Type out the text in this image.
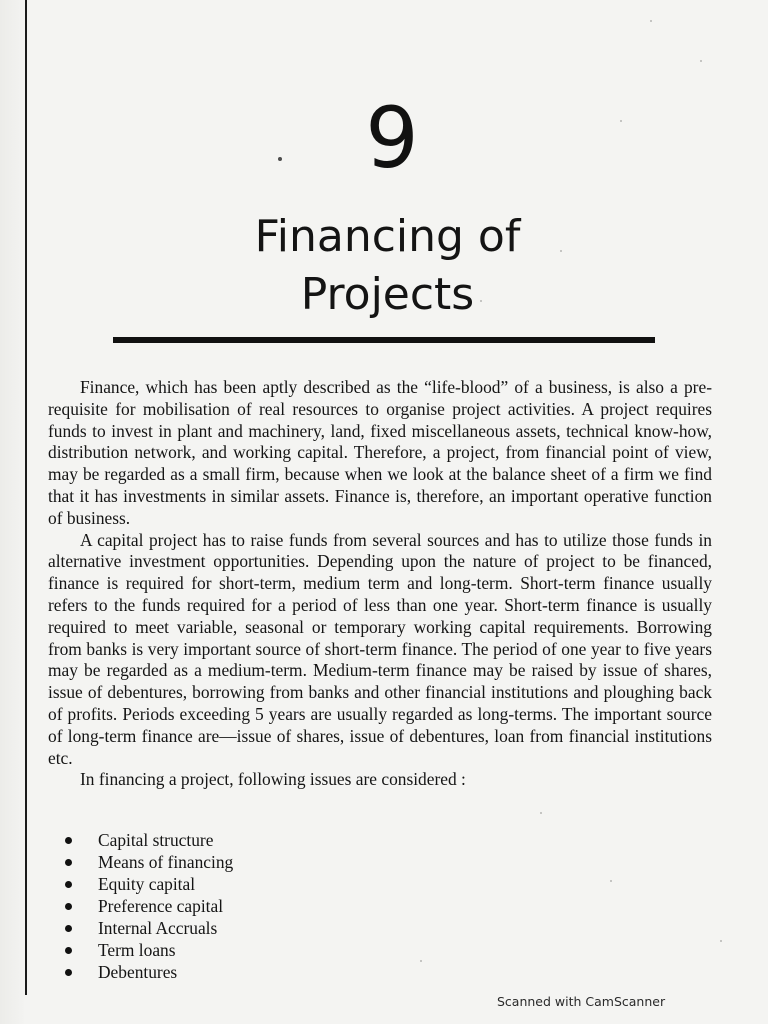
9
Financing of
Projects

Finance, which has been aptly described as the “life-blood” of a business, is also a pre-requisite for mobilisation of real resources to organise project activities. A project requires funds to invest in plant and machinery, land, fixed miscellaneous assets, technical know-how, distribution network, and working capital. Therefore, a project, from financial point of view, may be regarded as a small firm, because when we look at the balance sheet of a firm we find that it has investments in similar assets. Finance is, therefore, an important operative function of business.

A capital project has to raise funds from several sources and has to utilize those funds in alternative investment opportunities. Depending upon the nature of project to be financed, finance is required for short-term, medium term and long-term. Short-term finance usually refers to the funds required for a period of less than one year. Short-term finance is usually required to meet variable, seasonal or temporary working capital requirements. Borrowing from banks is very important source of short-term finance. The period of one year to five years may be regarded as a medium-term. Medium-term finance may be raised by issue of shares, issue of debentures, borrowing from banks and other financial institutions and ploughing back of profits. Periods exceeding 5 years are usually regarded as long-terms. The important source of long-term finance are—issue of shares, issue of debentures, loan from financial institutions etc.

In financing a project, following issues are considered :

Capital structure
Means of financing
Equity capital
Preference capital
Internal Accruals
Term loans
Debentures
Scanned with CamScanner
